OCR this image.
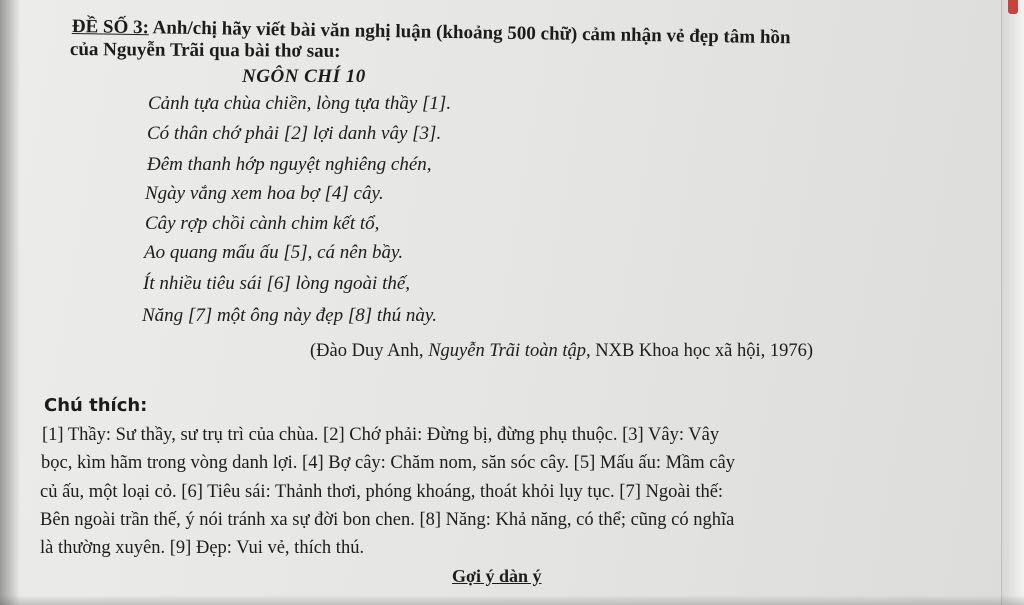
ĐỀ SỐ 3: Anh/chị hãy viết bài văn nghị luận (khoảng 500 chữ) cảm nhận vẻ đẹp tâm hồn
của Nguyễn Trãi qua bài thơ sau:
NGÔN CHÍ 10
Cảnh tựa chùa chiền, lòng tựa thầy [1].
Có thân chớ phải [2] lợi danh vây [3].
Đêm thanh hớp nguyệt nghiêng chén,
Ngày vắng xem hoa bợ [4] cây.
Cây rợp chồi cành chim kết tổ,
Ao quang mấu ấu [5], cá nên bầy.
Ít nhiều tiêu sái [6] lòng ngoài thế,
Năng [7] một ông này đẹp [8] thú này.
(Đào Duy Anh, Nguyễn Trãi toàn tập, NXB Khoa học xã hội, 1976)
Chú thích:
[1] Thầy: Sư thầy, sư trụ trì của chùa. [2] Chớ phải: Đừng bị, đừng phụ thuộc. [3] Vây: Vây
bọc, kìm hãm trong vòng danh lợi. [4] Bợ cây: Chăm nom, săn sóc cây. [5] Mấu ấu: Mầm cây
củ ấu, một loại cỏ. [6] Tiêu sái: Thảnh thơi, phóng khoáng, thoát khỏi lụy tục. [7] Ngoài thế:
Bên ngoài trần thế, ý nói tránh xa sự đời bon chen. [8] Năng: Khả năng, có thể; cũng có nghĩa
là thường xuyên. [9] Đẹp: Vui vẻ, thích thú.
Gợi ý dàn ý
